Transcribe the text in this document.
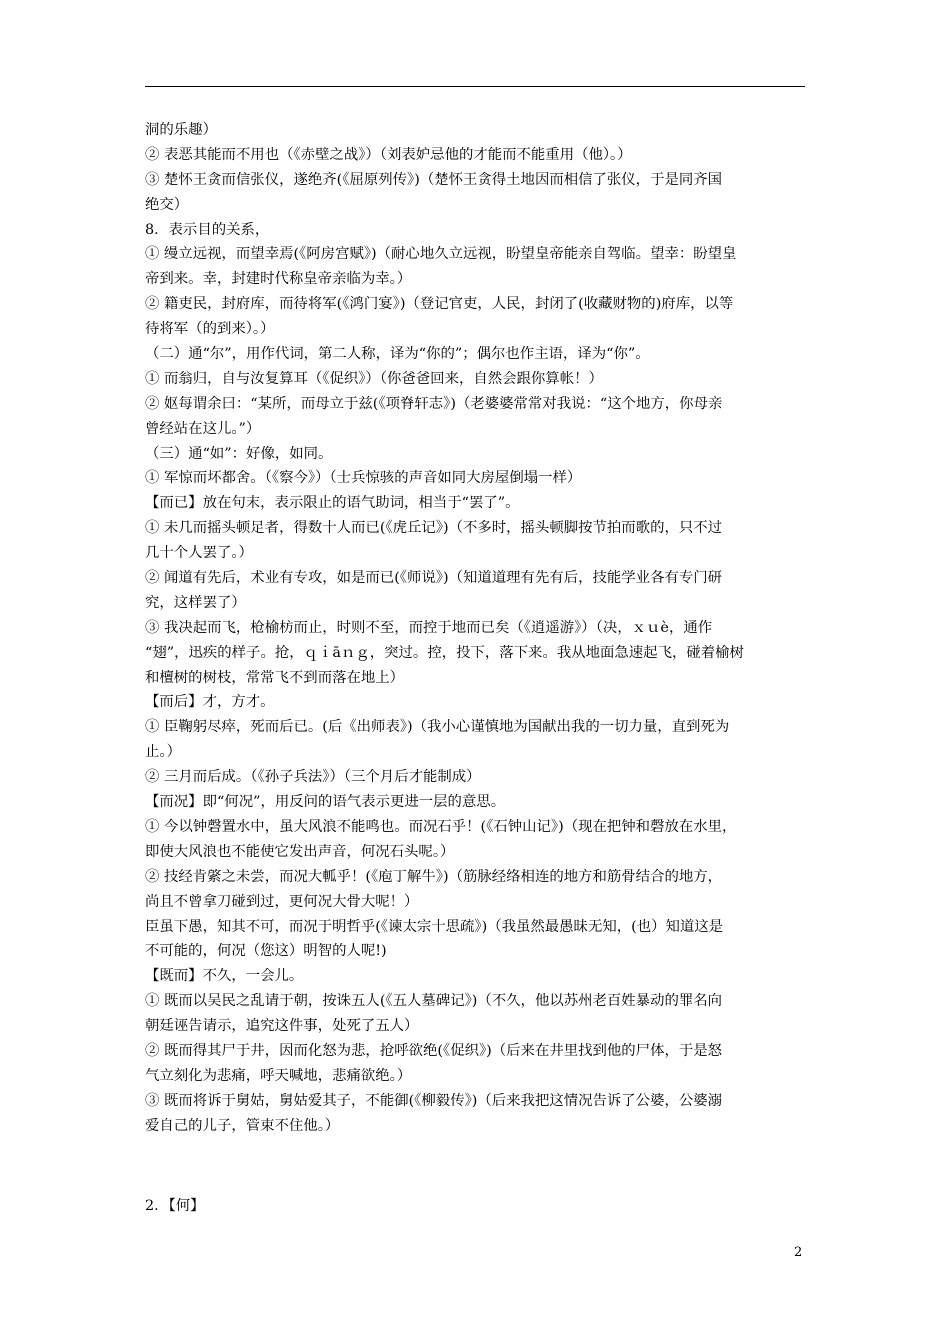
洞的乐趣）
② 表恶其能而不用也（《赤壁之战》）（刘表妒忌他的才能而不能重用（他）。）
③ 楚怀王贪而信张仪，遂绝齐(《屈原列传》)（楚怀王贪得土地因而相信了张仪，于是同齐国
绝交）
8．表示目的关系，
① 缦立远视，而望幸焉(《阿房宫赋》)（耐心地久立远视，盼望皇帝能亲自驾临。望幸：盼望皇
帝到来。幸，封建时代称皇帝亲临为幸。）
② 籍吏民，封府库，而待将军(《鸿门宴》)（登记官吏，人民，封闭了(收藏财物的)府库，以等
待将军（的到来）。）
（二）通“尔”，用作代词，第二人称，译为“你的”；偶尔也作主语，译为“你”。
① 而翁归，自与汝复算耳（《促织》）（你爸爸回来，自然会跟你算帐！）
② 妪每谓余曰：“某所，而母立于兹(《项脊轩志》)（老婆婆常常对我说：“这个地方，你母亲
曾经站在这儿。”）
（三）通“如”：好像，如同。
① 军惊而坏都舍。（《察今》）（士兵惊骇的声音如同大房屋倒塌一样）
【而已】放在句末，表示限止的语气助词，相当于“罢了”。
① 未几而摇头顿足者，得数十人而已(《虎丘记》)（不多时，摇头顿脚按节拍而歌的，只不过
几十个人罢了。）
② 闻道有先后，术业有专攻，如是而已(《师说》)（知道道理有先有后，技能学业各有专门研
究，这样罢了）
③ 我决起而飞，枪榆枋而止，时则不至，而控于地而已矣（《逍遥游》）（决，ｘｕè，通作
“翅”，迅疾的样子。抢，ｑｉāｎｇ，突过。控，投下，落下来。我从地面急速起飞，碰着榆树
和檀树的树枝，常常飞不到而落在地上）
【而后】才，方才。
① 臣鞠躬尽瘁，死而后已。(后《出师表》)（我小心谨慎地为国献出我的一切力量，直到死为
止。）
② 三月而后成。（《孙子兵法》）（三个月后才能制成）
【而况】即“何况”，用反问的语气表示更进一层的意思。
① 今以钟磬置水中，虽大风浪不能鸣也。而况石乎！(《石钟山记》)（现在把钟和磬放在水里，
即使大风浪也不能使它发出声音，何况石头呢。）
② 技经肯綮之未尝，而况大軱乎！(《庖丁解牛》)（筋脉经络相连的地方和筋骨结合的地方，
尚且不曾拿刀碰到过，更何况大骨大呢！）
臣虽下愚，知其不可，而况于明哲乎(《谏太宗十思疏》)（我虽然最愚昧无知，(也）知道这是
不可能的，何况（您这）明智的人呢!)
【既而】不久，一会儿。
① 既而以吴民之乱请于朝，按诛五人(《五人墓碑记》)（不久，他以苏州老百姓暴动的罪名向
朝廷诬告请示，追究这件事，处死了五人）
② 既而得其尸于井，因而化怒为悲，抢呼欲绝(《促织》)（后来在井里找到他的尸体，于是怒
气立刻化为悲痛，呼天喊地，悲痛欲绝。）
③ 既而将诉于舅姑，舅姑爱其子，不能御(《柳毅传》)（后来我把这情况告诉了公婆，公婆溺
爱自己的儿子，管束不住他。）
2．【何】
2
